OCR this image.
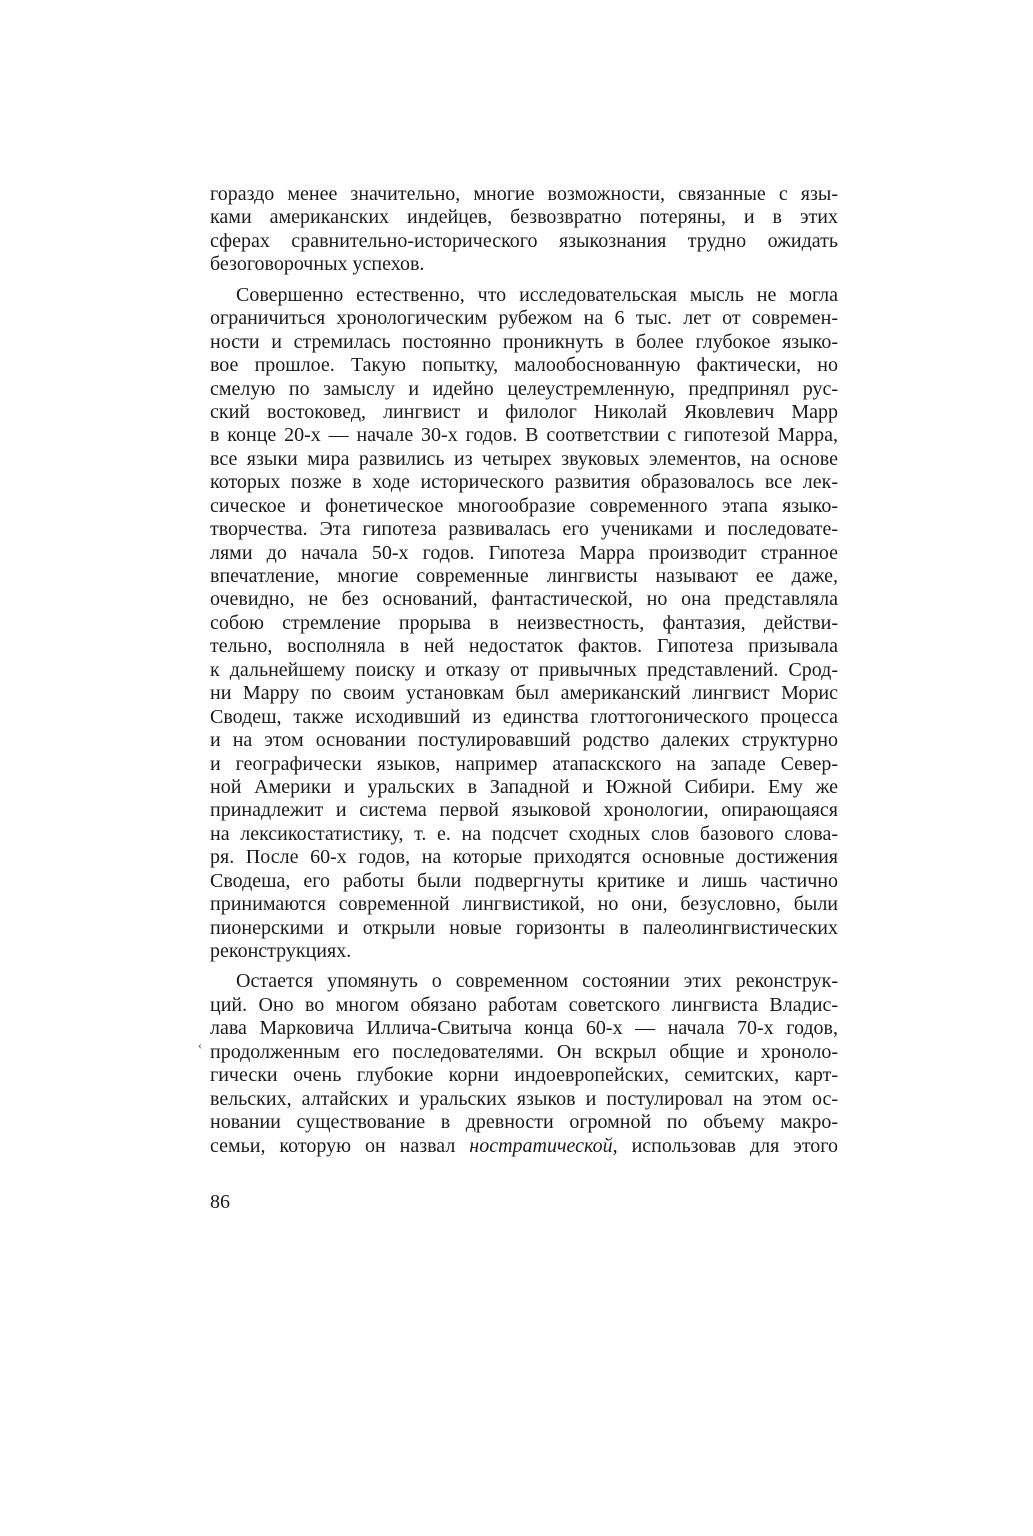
гораздо менее значительно, многие возможности, связанные с язы-
ками американских индейцев, безвозвратно потеряны, и в этих
сферах сравнительно-исторического языкознания трудно ожидать
безоговорочных успехов.
Совершенно естественно, что исследовательская мысль не могла
ограничиться хронологическим рубежом на 6 тыс. лет от современ-
ности и стремилась постоянно проникнуть в более глубокое языко-
вое прошлое. Такую попытку, малообоснованную фактически, но
смелую по замыслу и идейно целеустремленную, предпринял рус-
ский востоковед, лингвист и филолог Николай Яковлевич Марр
в конце 20-х — начале 30-х годов. В соответствии с гипотезой Марра,
все языки мира развились из четырех звуковых элементов, на основе
которых позже в ходе исторического развития образовалось все лек-
сическое и фонетическое многообразие современного этапа языко-
творчества. Эта гипотеза развивалась его учениками и последовате-
лями до начала 50-х годов. Гипотеза Марра производит странное
впечатление, многие современные лингвисты называют ее даже,
очевидно, не без оснований, фантастической, но она представляла
собою стремление прорыва в неизвестность, фантазия, действи-
тельно, восполняла в ней недостаток фактов. Гипотеза призывала
к дальнейшему поиску и отказу от привычных представлений. Срод-
ни Марру по своим установкам был американский лингвист Морис
Сводеш, также исходивший из единства глоттогонического процесса
и на этом основании постулировавший родство далеких структурно
и географически языков, например атапаскского на западе Север-
ной Америки и уральских в Западной и Южной Сибири. Ему же
принадлежит и система первой языковой хронологии, опирающаяся
на лексикостатистику, т. е. на подсчет сходных слов базового слова-
ря. После 60-х годов, на которые приходятся основные достижения
Сводеша, его работы были подвергнуты критике и лишь частично
принимаются современной лингвистикой, но они, безусловно, были
пионерскими и открыли новые горизонты в палеолингвистических
реконструкциях.
Остается упомянуть о современном состоянии этих реконструк-
ций. Оно во многом обязано работам советского лингвиста Владис-
лава Марковича Иллича-Свитыча конца 60-х — начала 70-х годов,
продолженным его последователями. Он вскрыл общие и хроноло-
гически очень глубокие корни индоевропейских, семитских, карт-
вельских, алтайских и уральских языков и постулировал на этом ос-
новании существование в древности огромной по объему макро-
семьи, которую он назвал ностратической, использовав для этого
‹
86
